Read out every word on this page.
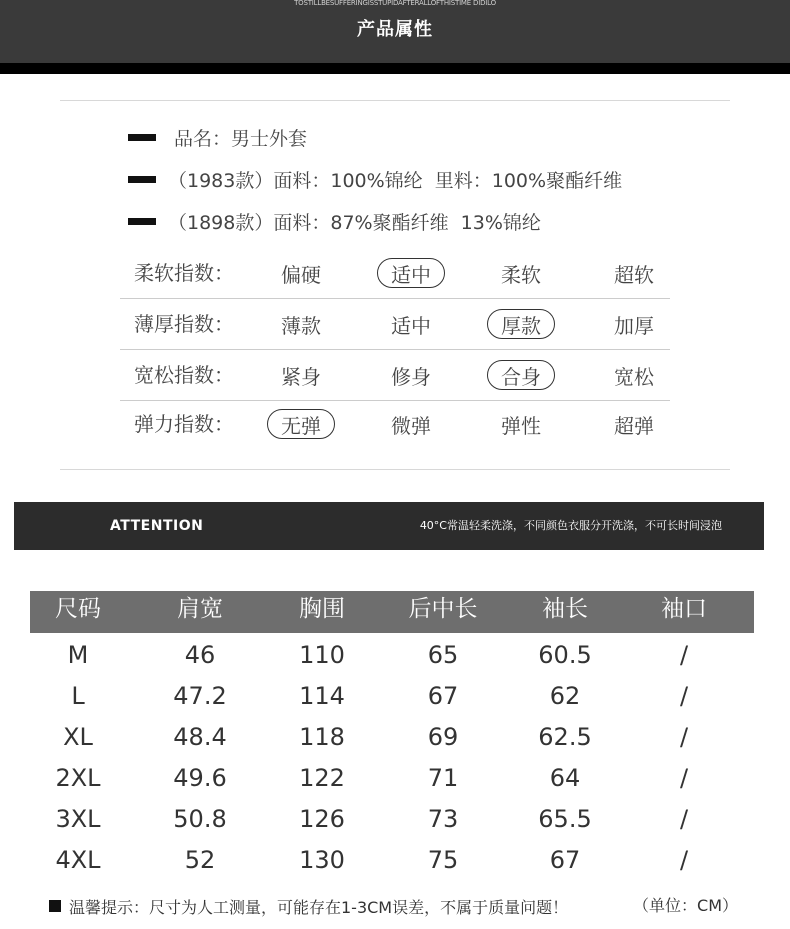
TOSTILLBESUFFERINGISSTUPIDAFTERALLOFTHISTIME DIDILO
产品属性
品名：男士外套
（1983款）面料：100%锦纶  里料：100%聚酯纤维
（1898款）面料：87%聚酯纤维  13%锦纶
柔软指数：	偏硬	适中	柔软	超软
薄厚指数：	薄款	适中	厚款	加厚
宽松指数：	紧身	修身	合身	宽松
弹力指数：	无弹	微弹	弹性	超弹
ATTENTION	40°C常温轻柔洗涤，不同颜色衣服分开洗涤，不可长时间浸泡
尺码	肩宽	胸围	后中长	袖长	袖口
M	46	110	65	60.5	/
L	47.2	114	67	62	/
XL	48.4	118	69	62.5	/
2XL	49.6	122	71	64	/
3XL	50.8	126	73	65.5	/
4XL	52	130	75	67	/
温馨提示：尺寸为人工测量，可能存在1-3CM误差，不属于质量问题！	（单位：CM）
